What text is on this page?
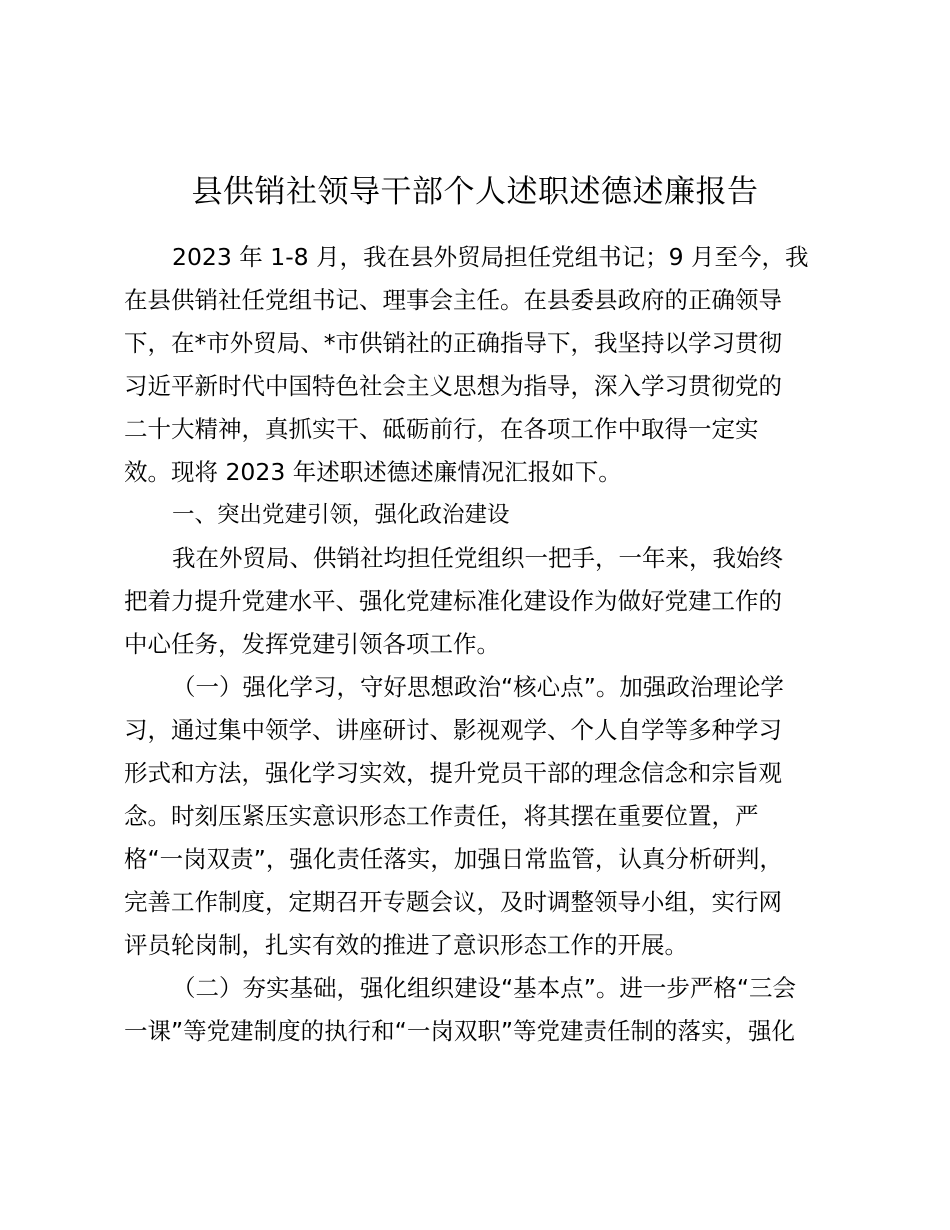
县供销社领导干部个人述职述德述廉报告
2023 年 1-8 月，我在县外贸局担任党组书记；9 月至今，我
在县供销社任党组书记、理事会主任。在县委县政府的正确领导
下，在*市外贸局、*市供销社的正确指导下，我坚持以学习贯彻
习近平新时代中国特色社会主义思想为指导，深入学习贯彻党的
二十大精神，真抓实干、砥砺前行，在各项工作中取得一定实
效。现将 2023 年述职述德述廉情况汇报如下。
一、突出党建引领，强化政治建设
我在外贸局、供销社均担任党组织一把手，一年来，我始终
把着力提升党建水平、强化党建标准化建设作为做好党建工作的
中心任务，发挥党建引领各项工作。
（一）强化学习，守好思想政治“核心点”。加强政治理论学
习，通过集中领学、讲座研讨、影视观学、个人自学等多种学习
形式和方法，强化学习实效，提升党员干部的理念信念和宗旨观
念。时刻压紧压实意识形态工作责任，将其摆在重要位置，严
格“一岗双责”，强化责任落实，加强日常监管，认真分析研判，
完善工作制度，定期召开专题会议，及时调整领导小组，实行网
评员轮岗制，扎实有效的推进了意识形态工作的开展。
（二）夯实基础，强化组织建设“基本点”。进一步严格“三会
一课”等党建制度的执行和“一岗双职”等党建责任制的落实，强化
